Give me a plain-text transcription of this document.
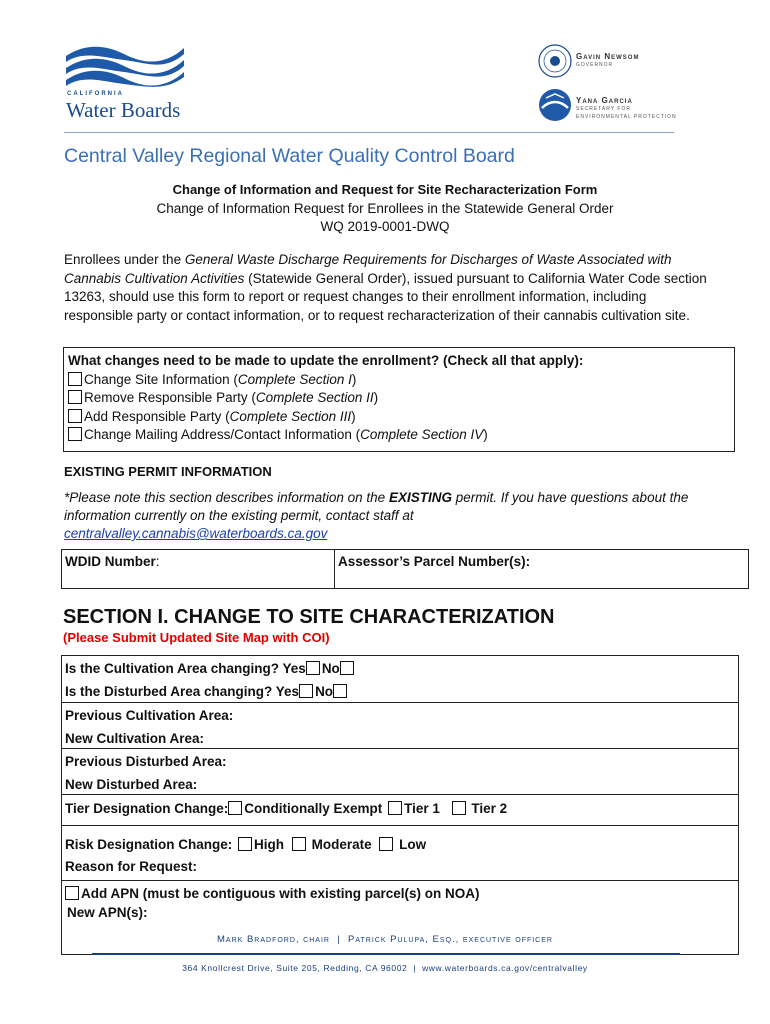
CALIFORNIA
Water Boards
Gavin Newsom
GOVERNOR
Yana Garcia
SECRETARY FOR
ENVIRONMENTAL PROTECTION
Central Valley Regional Water Quality Control Board
Change of Information and Request for Site Recharacterization Form
Change of Information Request for Enrollees in the Statewide General Order
WQ 2019-0001-DWQ
Enrollees under the General Waste Discharge Requirements for Discharges of Waste Associated with Cannabis Cultivation Activities (Statewide General Order), issued pursuant to California Water Code section 13263, should use this form to report or request changes to their enrollment information, including responsible party or contact information, or to request recharacterization of their cannabis cultivation site.
What changes need to be made to update the enrollment? (Check all that apply):
Change Site Information (Complete Section I)
Remove Responsible Party (Complete Section II)
Add Responsible Party (Complete Section III)
Change Mailing Address/Contact Information (Complete Section IV)
EXISTING PERMIT INFORMATION
*Please note this section describes information on the EXISTING permit. If you have questions about the information currently on the existing permit, contact staff at
centralvalley.cannabis@waterboards.ca.gov
WDID Number:	Assessor’s Parcel Number(s):
SECTION I. CHANGE TO SITE CHARACTERIZATION
(Please Submit Updated Site Map with COI)
Is the Cultivation Area changing? Yes No
Is the Disturbed Area changing? Yes No
Previous Cultivation Area:
New Cultivation Area:
Previous Disturbed Area:
New Disturbed Area:
Tier Designation Change: Conditionally Exempt Tier 1 Tier 2
Risk Designation Change: High Moderate Low
Reason for Request:
Add APN (must be contiguous with existing parcel(s) on NOA)
New APN(s):
Mark Bradford, chair | Patrick Pulupa, Esq., executive officer
364 Knollcrest Drive, Suite 205, Redding, CA 96002 | www.waterboards.ca.gov/centralvalley
